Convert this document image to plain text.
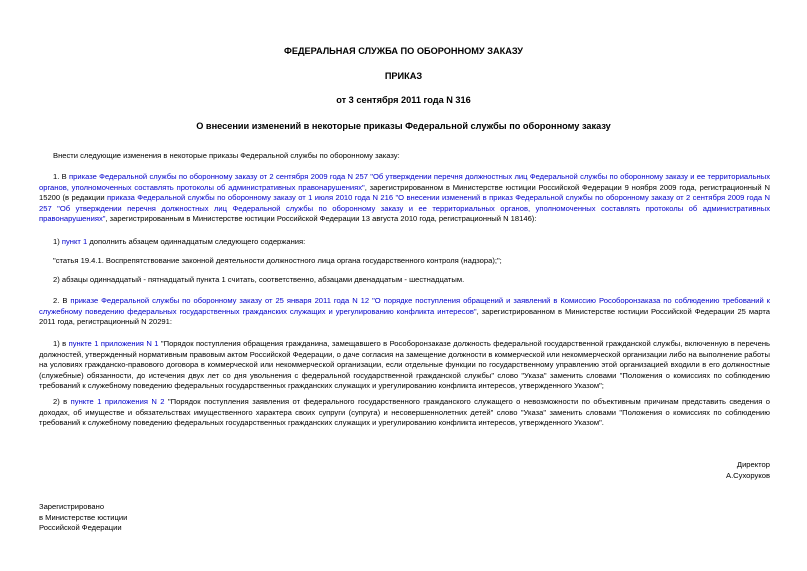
ФЕДЕРАЛЬНАЯ СЛУЖБА ПО ОБОРОННОМУ ЗАКАЗУ
ПРИКАЗ
от 3 сентября 2011 года N 316
О внесении изменений в некоторые приказы Федеральной службы по оборонному заказу

Внести следующие изменения в некоторые приказы Федеральной службы по оборонному заказу:

1. В приказе Федеральной службы по оборонному заказу от 2 сентября 2009 года N 257 "Об утверждении перечня должностных лиц Федеральной службы по оборонному заказу и ее территориальных органов, уполномоченных составлять протоколы об административных правонарушениях", зарегистрированном в Министерстве юстиции Российской Федерации 9 ноября 2009 года, регистрационный N 15200 (в редакции приказа Федеральной службы по оборонному заказу от 1 июля 2010 года N 216 "О внесении изменений в приказ Федеральной службы по оборонному заказу от 2 сентября 2009 года N 257 "Об утверждении перечня должностных лиц Федеральной службы по оборонному заказу и ее территориальных органов, уполномоченных составлять протоколы об административных правонарушениях", зарегистрированным в Министерстве юстиции Российской Федерации 13 августа 2010 года, регистрационный N 18146):

1) пункт 1 дополнить абзацем одиннадцатым следующего содержания:

"статья 19.4.1. Воспрепятствование законной деятельности должностного лица органа государственного контроля (надзора);";

2) абзацы одиннадцатый - пятнадцатый пункта 1 считать, соответственно, абзацами двенадцатым - шестнадцатым.

2. В приказе Федеральной службы по оборонному заказу от 25 января 2011 года N 12 "О порядке поступления обращений и заявлений в Комиссию Рособоронзаказа по соблюдению требований к служебному поведению федеральных государственных гражданских служащих и урегулированию конфликта интересов", зарегистрированном в Министерстве юстиции Российской Федерации 25 марта 2011 года, регистрационный N 20291:

1) в пункте 1 приложения N 1 "Порядок поступления обращения гражданина, замещавшего в Рособоронзаказе должность федеральной государственной гражданской службы, включенную в перечень должностей, утвержденный нормативным правовым актом Российской Федерации, о даче согласия на замещение должности в коммерческой или некоммерческой организации либо на выполнение работы на условиях гражданско-правового договора в коммерческой или некоммерческой организации, если отдельные функции по государственному управлению этой организацией входили в его должностные (служебные) обязанности, до истечения двух лет со дня увольнения с федеральной государственной гражданской службы" слово "Указа" заменить словами "Положения о комиссиях по соблюдению требований к служебному поведению федеральных государственных гражданских служащих и урегулированию конфликта интересов, утвержденного Указом";

2) в пункте 1 приложения N 2 "Порядок поступления заявления от федерального государственного гражданского служащего о невозможности по объективным причинам представить сведения о доходах, об имуществе и обязательствах имущественного характера своих супруги (супруга) и несовершеннолетних детей" слово "Указа" заменить словами "Положения о комиссиях по соблюдению требований к служебному поведению федеральных государственных гражданских служащих и урегулированию конфликта интересов, утвержденного Указом".

Директор
А.Сухоруков
Зарегистрировано
в Министерстве юстиции
Российской Федерации
